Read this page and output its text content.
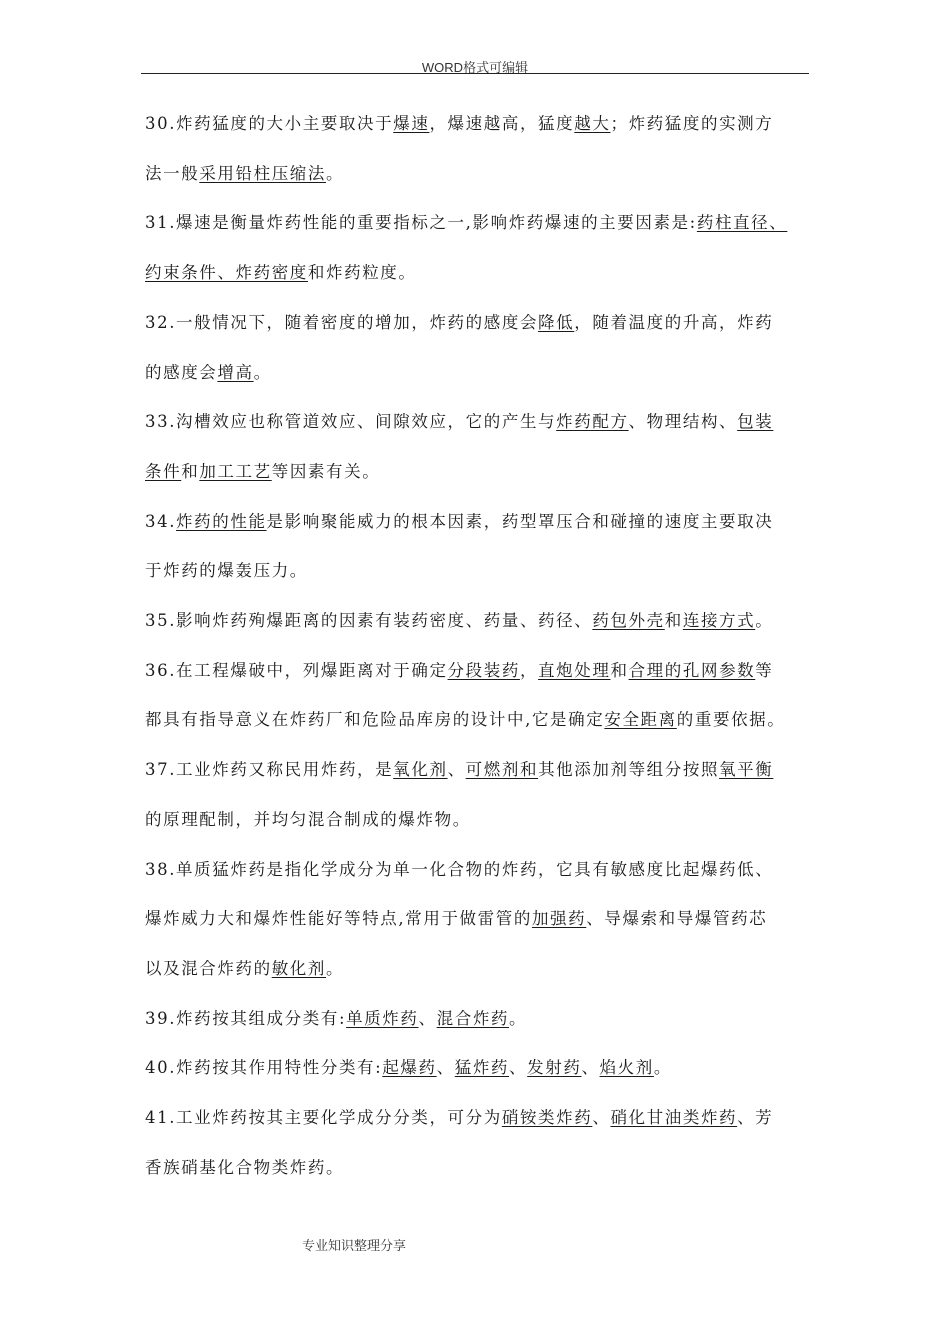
WORD格式可编辑
30.炸药猛度的大小主要取决于爆速，爆速越高，猛度越大；炸药猛度的实测方
法一般采用铅柱压缩法。
31.爆速是衡量炸药性能的重要指标之一,影响炸药爆速的主要因素是:药柱直径、
约束条件、炸药密度和炸药粒度。
32.一般情况下，随着密度的增加，炸药的感度会降低，随着温度的升高，炸药
的感度会增高。
33.沟槽效应也称管道效应、间隙效应，它的产生与炸药配方、物理结构、包装
条件和加工工艺等因素有关。
34.炸药的性能是影响聚能威力的根本因素，药型罩压合和碰撞的速度主要取决
于炸药的爆轰压力。
35.影响炸药殉爆距离的因素有装药密度、药量、药径、药包外壳和连接方式。
36.在工程爆破中，列爆距离对于确定分段装药，直炮处理和合理的孔网参数等
都具有指导意义在炸药厂和危险品库房的设计中,它是确定安全距离的重要依据。
37.工业炸药又称民用炸药，是氧化剂、可燃剂和其他添加剂等组分按照氧平衡
的原理配制，并均匀混合制成的爆炸物。
38.单质猛炸药是指化学成分为单一化合物的炸药，它具有敏感度比起爆药低、
爆炸威力大和爆炸性能好等特点,常用于做雷管的加强药、导爆索和导爆管药芯
以及混合炸药的敏化剂。
39.炸药按其组成分类有:单质炸药、混合炸药。
40.炸药按其作用特性分类有:起爆药、猛炸药、发射药、焰火剂。
41.工业炸药按其主要化学成分分类，可分为硝铵类炸药、硝化甘油类炸药、芳
香族硝基化合物类炸药。
专业知识整理分享
